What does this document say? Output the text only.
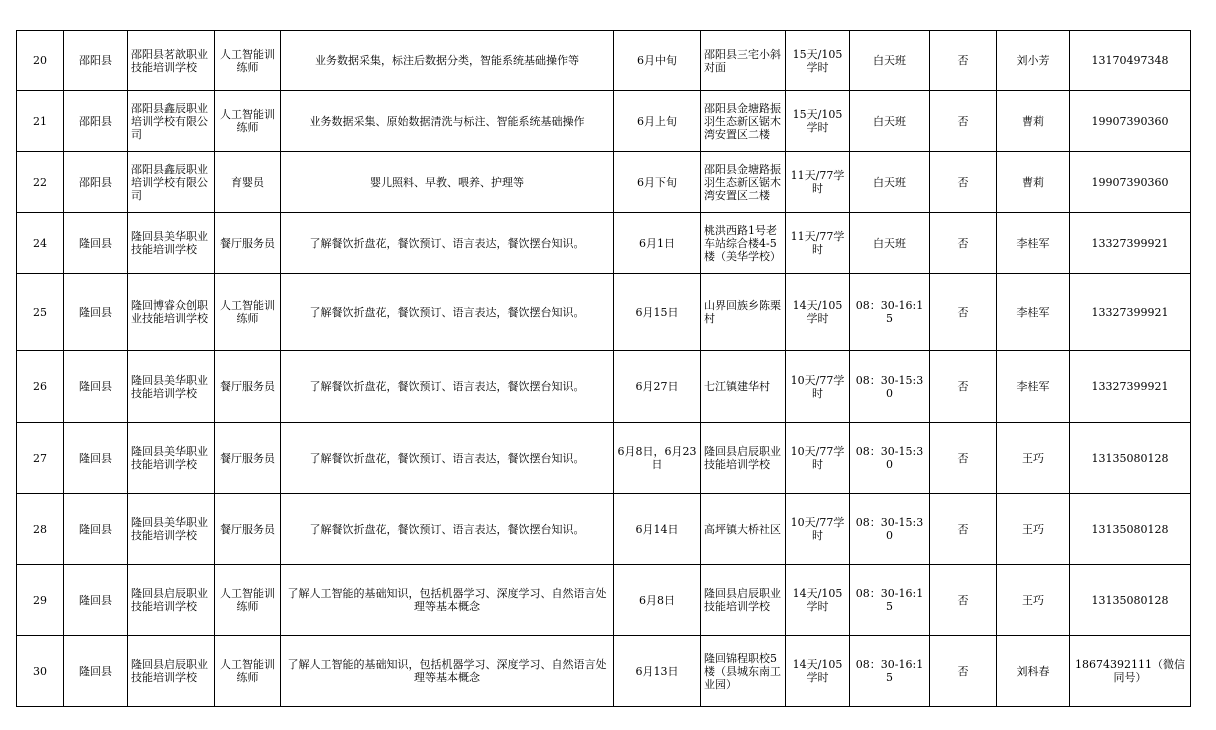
20	邵阳县	邵阳县茗歆职业技能培训学校	人工智能训练师	业务数据采集，标注后数据分类，智能系统基础操作等	6月中旬	邵阳县三宅小斜对面	15天/105学时	白天班	否	刘小芳	13170497348
21	邵阳县	邵阳县鑫辰职业培训学校有限公司	人工智能训练师	业务数据采集、原始数据清洗与标注、智能系统基础操作	6月上旬	邵阳县金塘路振羽生态新区锯木湾安置区二楼	15天/105学时	白天班	否	曹莉	19907390360
22	邵阳县	邵阳县鑫辰职业培训学校有限公司	育婴员	婴儿照料、早教、喂养、护理等	6月下旬	邵阳县金塘路振羽生态新区锯木湾安置区二楼	11天/77学时	白天班	否	曹莉	19907390360
24	隆回县	隆回县美华职业技能培训学校	餐厅服务员	了解餐饮折盘花，餐饮预订、语言表达，餐饮摆台知识。	6月1日	桃洪西路1号老车站综合楼4-5楼（美华学校）	11天/77学时	白天班	否	李桂军	13327399921
25	隆回县	隆回博睿众创职业技能培训学校	人工智能训练师	了解餐饮折盘花，餐饮预订、语言表达，餐饮摆台知识。	6月15日	山界回族乡陈栗村	14天/105学时	08：30-16:15	否	李桂军	13327399921
26	隆回县	隆回县美华职业技能培训学校	餐厅服务员	了解餐饮折盘花，餐饮预订、语言表达，餐饮摆台知识。	6月27日	七江镇建华村	10天/77学时	08：30-15:30	否	李桂军	13327399921
27	隆回县	隆回县美华职业技能培训学校	餐厅服务员	了解餐饮折盘花，餐饮预订、语言表达，餐饮摆台知识。	6月8日，6月23日	隆回县启辰职业技能培训学校	10天/77学时	08：30-15:30	否	王巧	13135080128
28	隆回县	隆回县美华职业技能培训学校	餐厅服务员	了解餐饮折盘花，餐饮预订、语言表达，餐饮摆台知识。	6月14日	高坪镇大桥社区	10天/77学时	08：30-15:30	否	王巧	13135080128
29	隆回县	隆回县启辰职业技能培训学校	人工智能训练师	了解人工智能的基础知识，包括机器学习、深度学习、自然语言处理等基本概念	6月8日	隆回县启辰职业技能培训学校	14天/105学时	08：30-16:15	否	王巧	13135080128
30	隆回县	隆回县启辰职业技能培训学校	人工智能训练师	了解人工智能的基础知识，包括机器学习、深度学习、自然语言处理等基本概念	6月13日	隆回锦程职校5楼（县城东南工业园）	14天/105学时	08：30-16:15	否	刘科春	18674392111（微信同号）
